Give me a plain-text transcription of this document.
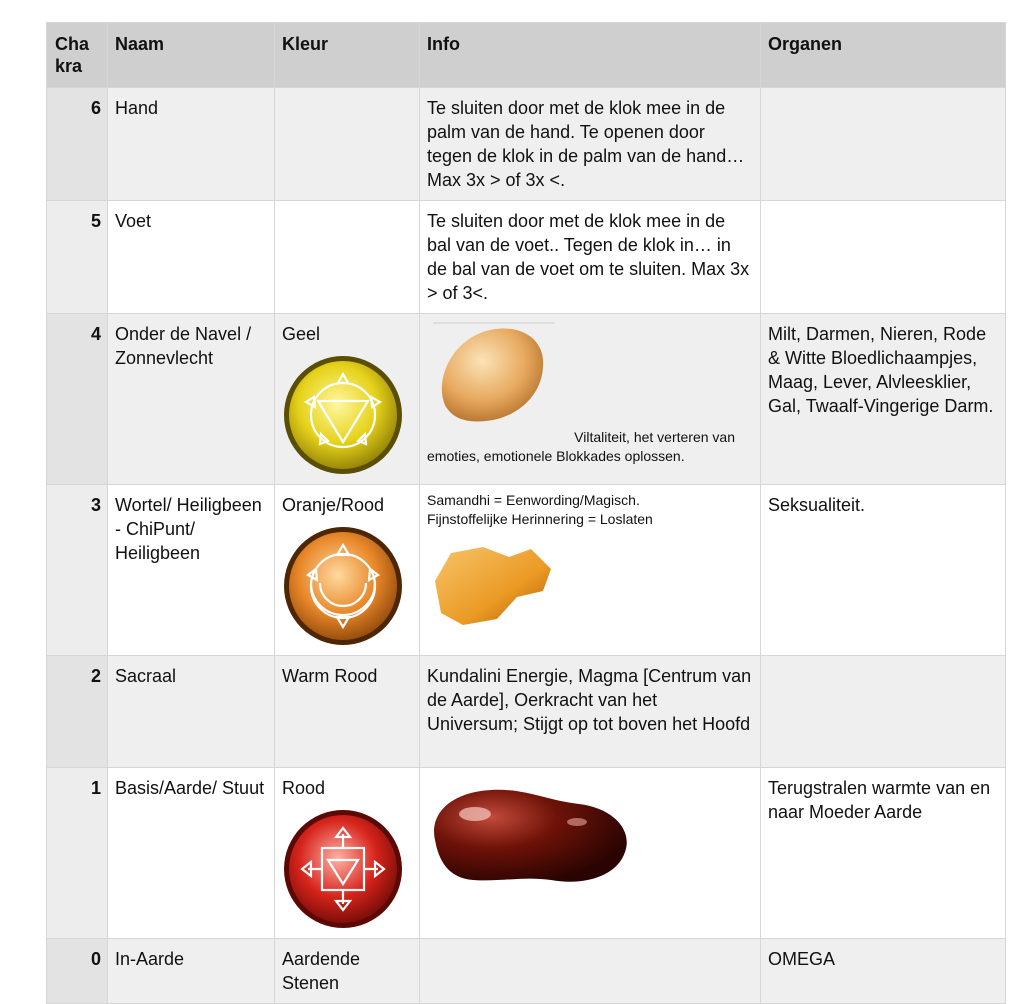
Cha kra	Naam	Kleur	Info	Organen
6	Hand		Te sluiten door met de klok mee in de palm van de hand. Te openen door tegen de klok in de palm van de hand… Max 3x > of 3x <.	
5	Voet		Te sluiten door met de klok mee in de bal van de voet.. Tegen de klok in… in de bal van de voet om te sluiten. Max 3x > of 3<.	
4	Onder de Navel / Zonnevlecht	Geel	Viltaliteit, het verteren van
emoties, emotionele Blokkades oplossen.	Milt, Darmen, Nieren, Rode & Witte Bloedlichaampjes, Maag, Lever, Alvleesklier, Gal, Twaalf-Vingerige Darm.
3	Wortel/ Heiligbeen - ChiPunt/ Heiligbeen	Oranje/Rood	Samandhi = Eenwording/Magisch.
Fijnstoffelijke Herinnering = Loslaten	Seksualiteit.
2	Sacraal	Warm Rood	Kundalini Energie, Magma [Centrum van de Aarde], Oerkracht van het Universum; Stijgt op tot boven het Hoofd	
1	Basis/Aarde/ Stuut	Rood		Terugstralen warmte van en naar Moeder Aarde
0	In-Aarde	Aardende Stenen		OMEGA
